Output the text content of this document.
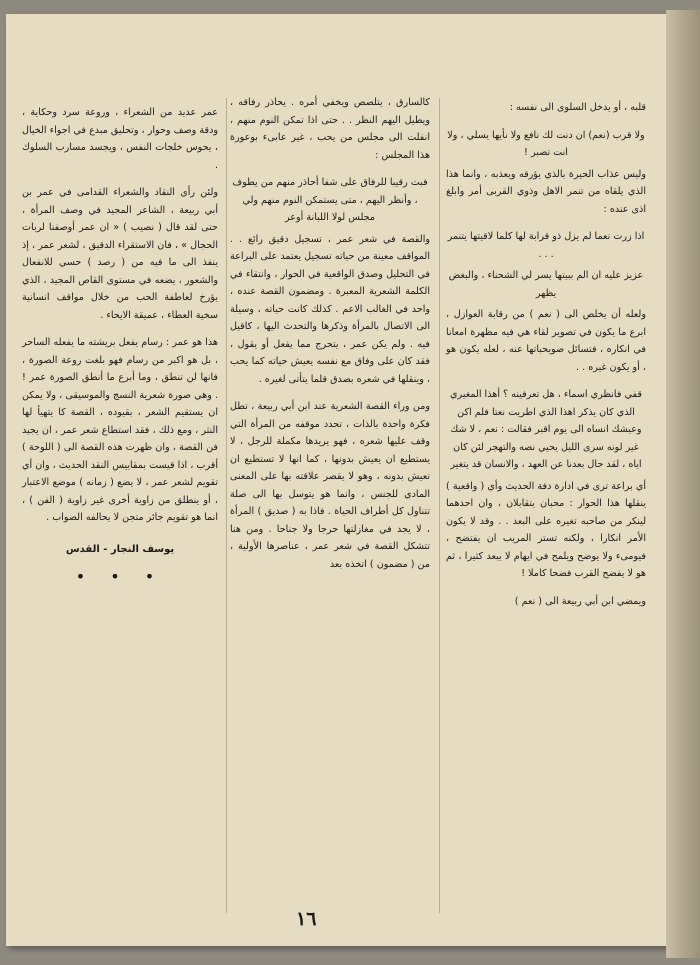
قلبه ، أو يدخل السلوى الى نفسه :

ولا قرب (نعم) ان دنت لك نافع ولا نأيها يسلي ، ولا انت تصبر !

وليس عذاب الحيرة بالذي يؤرقه ويعذبه ، وانما هذا الذي يلقاه من تنمر الاهل وذوي القربى أمر وابلغ اذى عنده :

اذا زرت نعما لم يزل ذو قرابة لها كلما لاقيتها يتنمر . . .

عزيز عليه ان الم ببيتها يسر لي الشحناء ، والبغض يظهر

ولعله أن يخلص الى ( نعم ) من رقابة العوازل ، ابرع ما يكون في تصوير لقاء هي فيه مظهرة امعانا في انكاره ، فتسائل صويحباتها عنه ، لعله يكون هو ، أو يكون غيره . .

قفي فانظري اسماء ، هل تعرفينه ؟ أهذا المغيري الذي كان يذكر اهذا الذي اطريت نعتا فلم اكن وعيشك انساه الى يوم اقبر فقالت : نعم ، لا شك غير لونه سرى الليل يحيي نصه والتهجر لئن كان اياه ، لقد حال بعدنا عن العهد ، والانسان قد يتغير

أي براعة ترى في ادارة دفة الحديث وأي ( واقعية ) ينقلها هذا الحوار : محبان يتقابلان ، وان احدهما لينكر من صاحبه تغيره على البعد . . وقد لا يكون الأمر انكارا ، ولكنه تستر المريب ان يفتضح ، فيومىء ولا يوضح ويلمح في ايهام لا يبعد كثيرا ، ثم هو لا يفضح القرب فضحا كاملا !

ويمضي ابن أبي ربيعة الى ( نعم )

كالسارق ، يتلصص ويخفي أمره . يحاذر رفاقه ، ويطيل اليهم النظر . . حتى اذا تمكن النوم منهم ، انفلت الى مجلس من يحب ، غير عابىء بوعورة هذا المجلس :

فبت رقيبا للرفاق على شفا أحاذر منهم من يطوف ، وأنظر اليهم ، متى يستمكن النوم منهم ولي مجلس لولا اللبانة أوعر

والقصة في شعر عمر ، تسجيل دقيق رائع . . المواقف معينة من حياته تسجيل يعتمد على البراعة في التحليل وصدق الواقعية في الحوار ، وانتقاء في الكلمة الشعرية المعبرة . ومضمون القصة عنده ، واحد في الغالب الاعم . كذلك كانت حياته ، وسيلة الى الاتصال بالمرأة وذكرها والتحدث اليها ، كاقيل فيه . ولم يكن عمر ، يتحرج مما يفعل أو يقول ، فقد كان على وفاق مع نفسه يعيش حياته كما يحب ، وينقلها في شعره بصدق قلما يتأتى لغيره .

ومن وراء القصة الشعرية عند ابن أبي ربيعة ، تطل فكرة واحدة بالذات ، تحدد موقفه من المرأة التي وقف عليها شعره ، فهو يريدها مكملة للرجل ، لا يستطيع ان يعيش بدونها ، كما انها لا تستطيع ان تعيش بدونه ، وهو لا يقصر علاقته بها على المعنى المادي للجنس ، وانما هو يتوسل بها الى صلة تتناول كل أطراف الحياة . فاذا به ( صديق ) المرأة ، لا يجد في مغازلتها حرجا ولا جناحا . ومن هنا تتشكل القصة في شعر عمر ، عناصرها الأولية ، من ( مضمون ) اتخذه بعد

عمر عديد من الشعراء ، وروعة سرد وحكاية ، ودقة وصف وحوار ، وتحليق مبدع في اجواء الخيال ، يحوس خلجات النفس ، ويجسد مسارب السلوك .

ولئن رأى النقاد والشعراء القدامى في عمر بن أبي ربيعة ، الشاعر المجيد في وصف المرأة ، حتى لقد قال ( نصيب ) « ان عمر أوصفنا لربات الحجال » ، فان الاستقراء الدقيق ، لشعر عمر ، إذ ينفذ الى ما فيه من ( رصد ) حسي للانفعال والشعور ، يضعه في مستوى القاص المجيد ، الذي يؤرخ لعاطفة الحب من خلال مواقف انسانية سخية العطاء ، عميقة الايحاء .

هذا هو عمر : رسام يفعل بريشته ما يفعله الساحر ، بل هو اكبر من رسام فهو بلغت روعة الصورة ، فانها لن تنطق ، وما أبرع ما أنطق الصورة عمر ! . وهي صورة شعرية النسج والموسيقى ، ولا يمكن ان يستقيم الشعر ، بقيوده ، القصة كا يتهيأ لها النثر ، ومع ذلك ، فقد استطاع شعر عمر ، ان يجيد فن القصة ، وان ظهرت هذه القصة الى ( اللوحة ) أقرب ، اذا قيست بمقاييس النقد الحديث ، وان أي تقويم لشعر عمر ، لا يضع ( زمانه ) موضع الاعتبار ، أو ينطلق من زاوية أخرى غير زاوية ( الفن ) ، انما هو تقويم جائر متجن لا يحالفه الصواب .

يوسف النجار - القدس
• • •
١٦
